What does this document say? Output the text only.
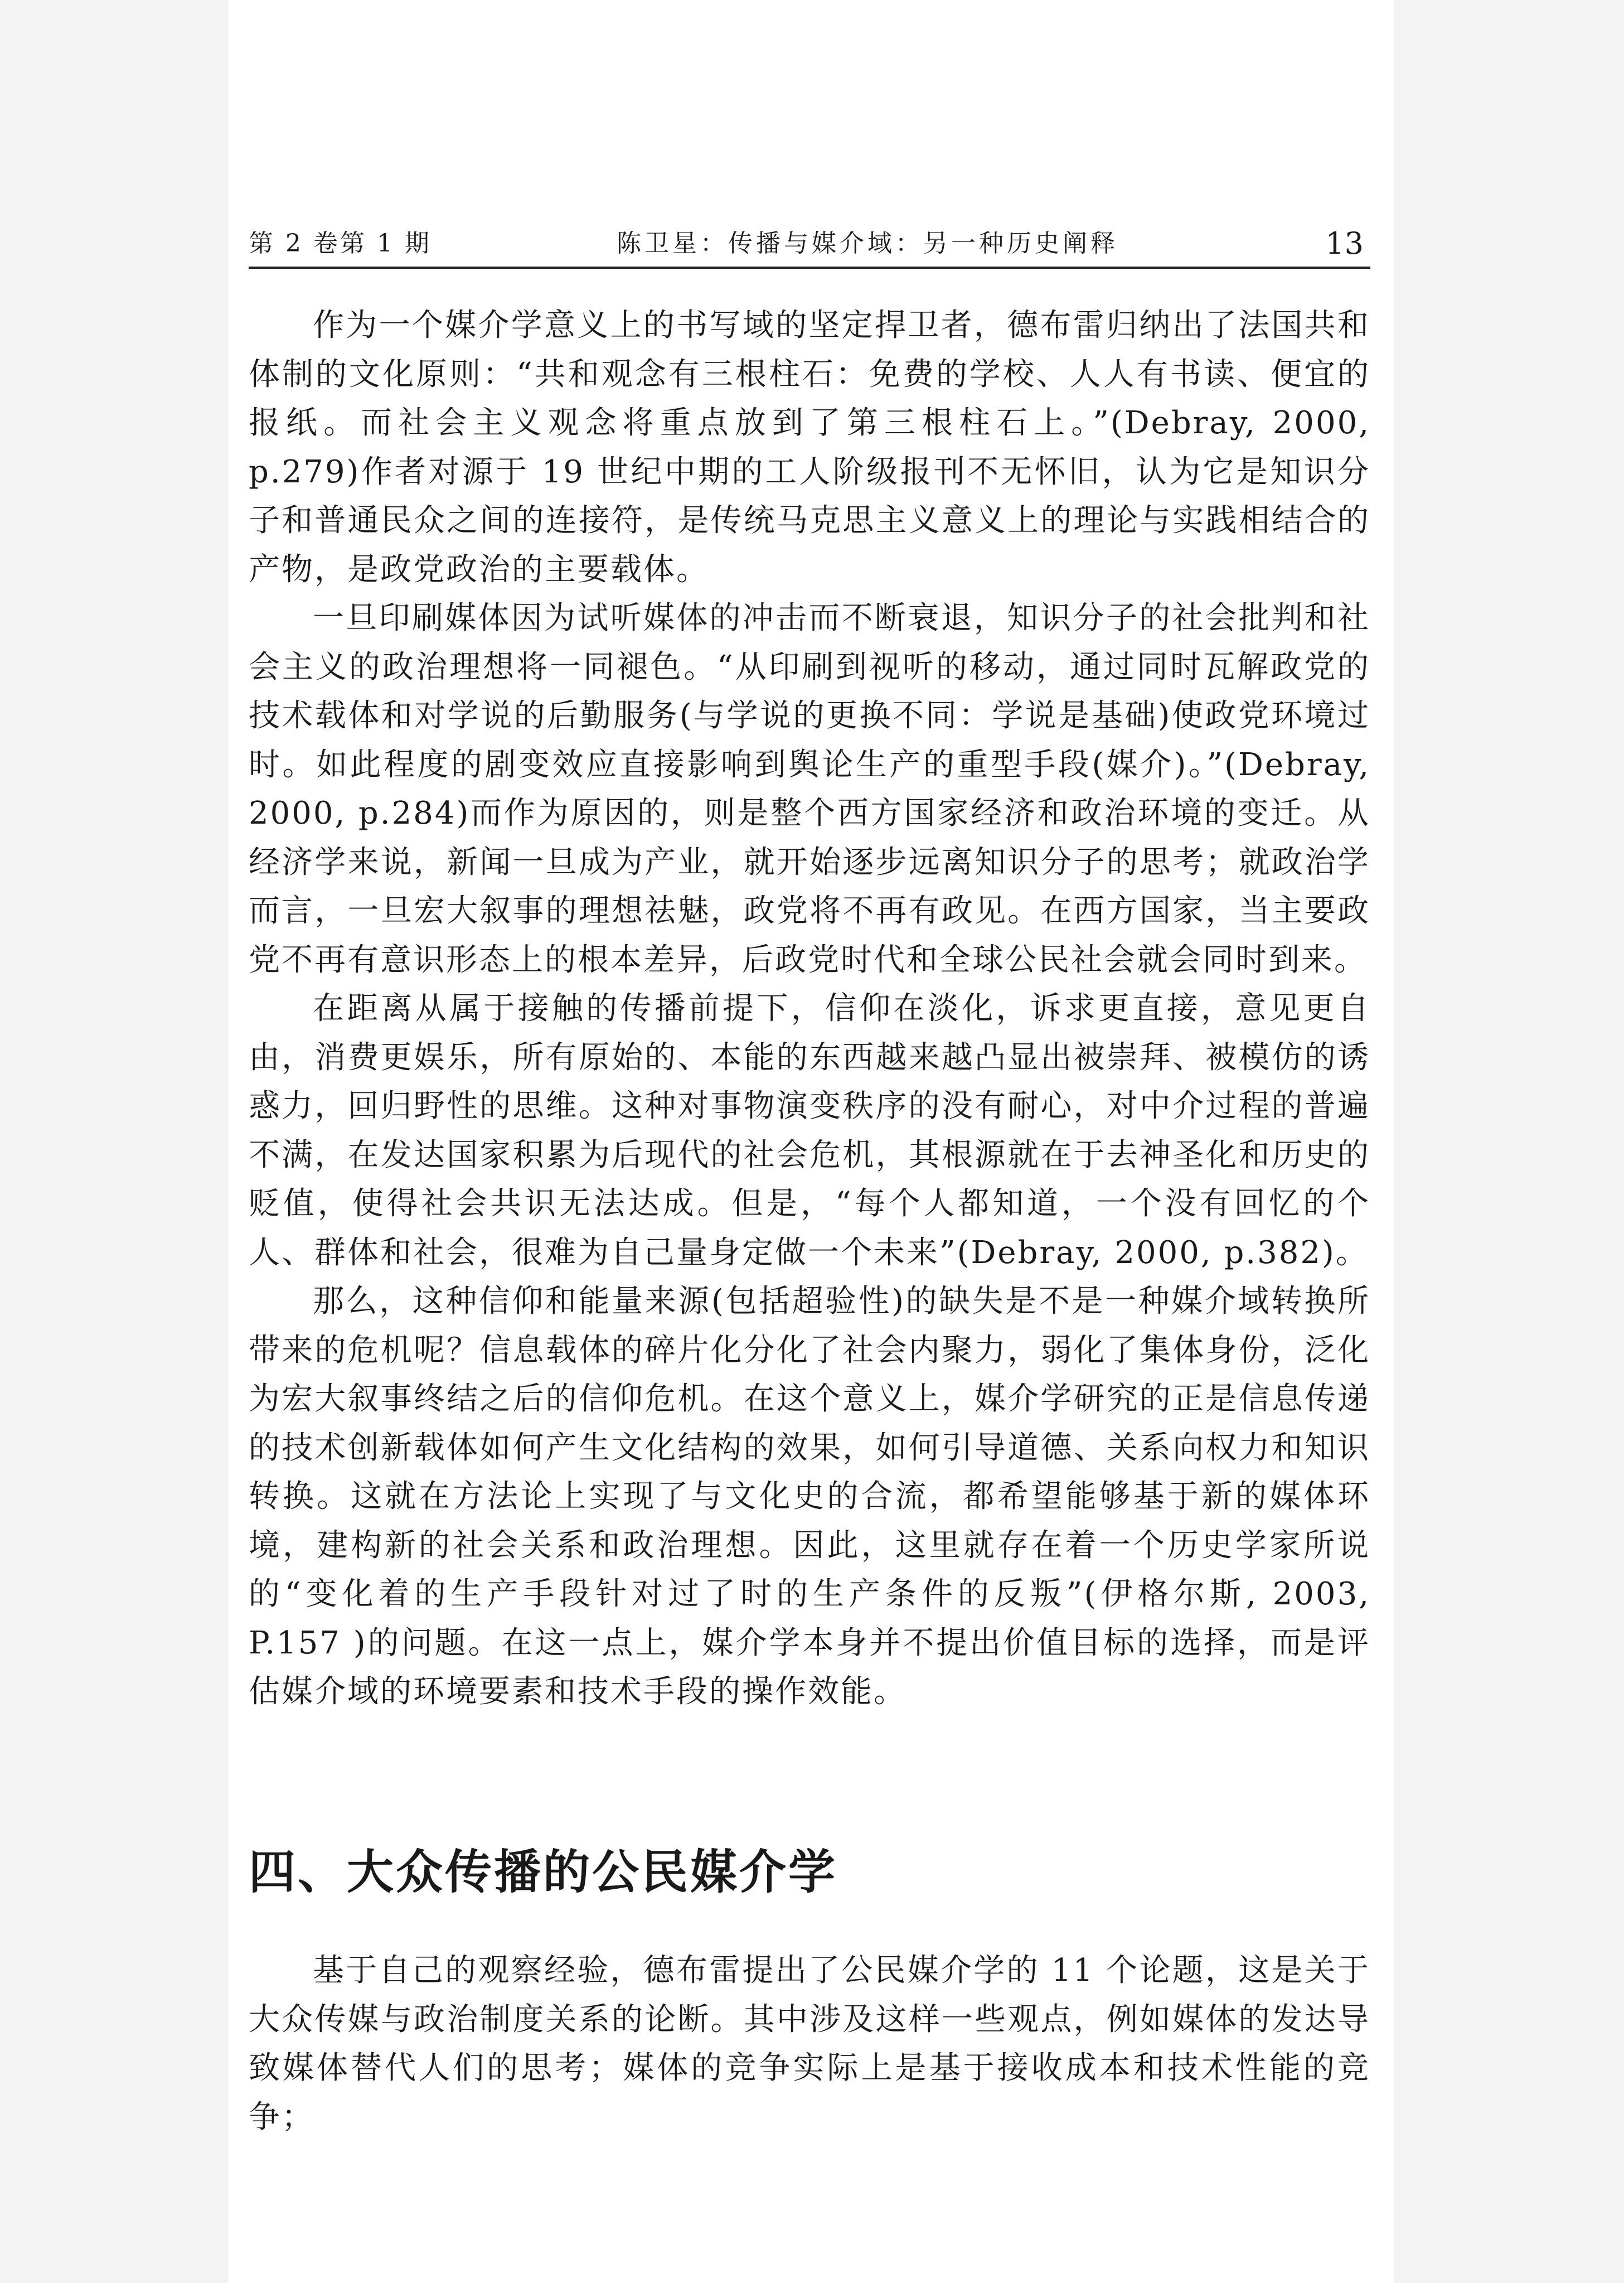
第 2 卷第 1 期	陈卫星：传播与媒介域：另一种历史阐释	13

作为一个媒介学意义上的书写域的坚定捍卫者，德布雷归纳出了法国共和体制的文化原则：“共和观念有三根柱石：免费的学校、人人有书读、便宜的报纸。而社会主义观念将重点放到了第三根柱石上。”(Debray, 2000, p.279)作者对源于 19 世纪中期的工人阶级报刊不无怀旧，认为它是知识分子和普通民众之间的连接符，是传统马克思主义意义上的理论与实践相结合的产物，是政党政治的主要载体。

一旦印刷媒体因为试听媒体的冲击而不断衰退，知识分子的社会批判和社会主义的政治理想将一同褪色。“从印刷到视听的移动，通过同时瓦解政党的技术载体和对学说的后勤服务(与学说的更换不同：学说是基础)使政党环境过时。如此程度的剧变效应直接影响到舆论生产的重型手段(媒介)。”(Debray, 2000, p.284)而作为原因的，则是整个西方国家经济和政治环境的变迁。从经济学来说，新闻一旦成为产业，就开始逐步远离知识分子的思考；就政治学而言，一旦宏大叙事的理想祛魅，政党将不再有政见。在西方国家，当主要政党不再有意识形态上的根本差异，后政党时代和全球公民社会就会同时到来。

在距离从属于接触的传播前提下，信仰在淡化，诉求更直接，意见更自由，消费更娱乐，所有原始的、本能的东西越来越凸显出被崇拜、被模仿的诱惑力，回归野性的思维。这种对事物演变秩序的没有耐心，对中介过程的普遍不满，在发达国家积累为后现代的社会危机，其根源就在于去神圣化和历史的贬值，使得社会共识无法达成。但是，“每个人都知道，一个没有回忆的个人、群体和社会，很难为自己量身定做一个未来”(Debray, 2000, p.382)。

那么，这种信仰和能量来源(包括超验性)的缺失是不是一种媒介域转换所带来的危机呢？信息载体的碎片化分化了社会内聚力，弱化了集体身份，泛化为宏大叙事终结之后的信仰危机。在这个意义上，媒介学研究的正是信息传递的技术创新载体如何产生文化结构的效果，如何引导道德、关系向权力和知识转换。这就在方法论上实现了与文化史的合流，都希望能够基于新的媒体环境，建构新的社会关系和政治理想。因此，这里就存在着一个历史学家所说的“变化着的生产手段针对过了时的生产条件的反叛”(伊格尔斯, 2003, P.157 )的问题。在这一点上，媒介学本身并不提出价值目标的选择，而是评估媒介域的环境要素和技术手段的操作效能。

四、大众传播的公民媒介学

基于自己的观察经验，德布雷提出了公民媒介学的 11 个论题，这是关于大众传媒与政治制度关系的论断。其中涉及这样一些观点，例如媒体的发达导致媒体替代人们的思考；媒体的竞争实际上是基于接收成本和技术性能的竞争；
